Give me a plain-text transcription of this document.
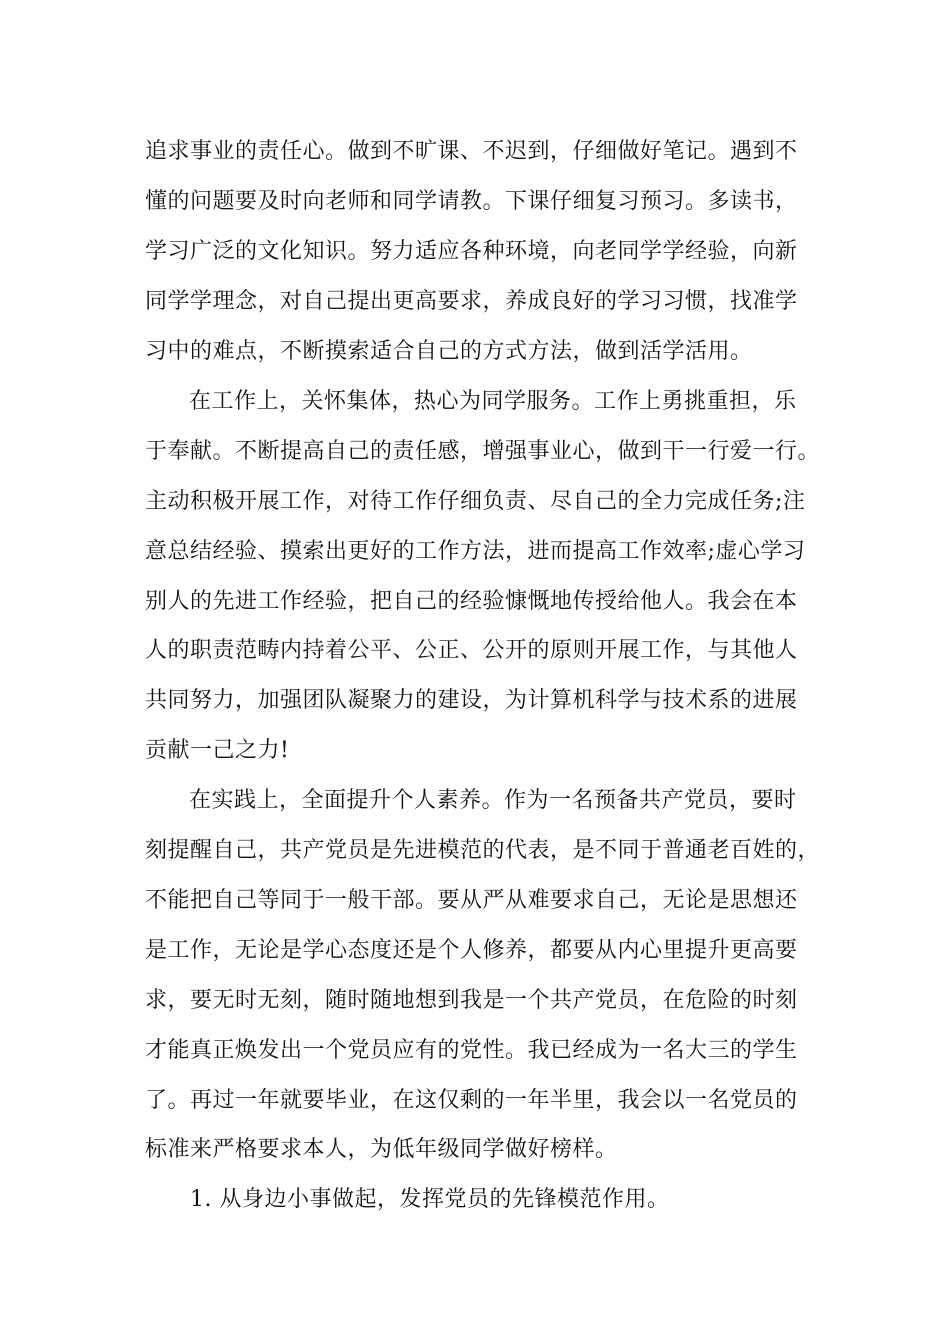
追求事业的责任心。做到不旷课、不迟到，仔细做好笔记。遇到不
懂的问题要及时向老师和同学请教。下课仔细复习预习。多读书，
学习广泛的文化知识。努力适应各种环境，向老同学学经验，向新
同学学理念，对自己提出更高要求，养成良好的学习习惯，找准学
习中的难点，不断摸索适合自己的方式方法，做到活学活用。
在工作上，关怀集体，热心为同学服务。工作上勇挑重担，乐
于奉献。不断提高自己的责任感，增强事业心，做到干一行爱一行。
主动积极开展工作，对待工作仔细负责、尽自己的全力完成任务;注
意总结经验、摸索出更好的工作方法，进而提高工作效率;虚心学习
别人的先进工作经验，把自己的经验慷慨地传授给他人。我会在本
人的职责范畴内持着公平、公正、公开的原则开展工作，与其他人
共同努力，加强团队凝聚力的建设，为计算机科学与技术系的进展
贡献一己之力!
在实践上，全面提升个人素养。作为一名预备共产党员，要时
刻提醒自己，共产党员是先进模范的代表，是不同于普通老百姓的，
不能把自己等同于一般干部。要从严从难要求自己，无论是思想还
是工作，无论是学心态度还是个人修养，都要从内心里提升更高要
求，要无时无刻，随时随地想到我是一个共产党员，在危险的时刻
才能真正焕发出一个党员应有的党性。我已经成为一名大三的学生
了。再过一年就要毕业，在这仅剩的一年半里，我会以一名党员的
标准来严格要求本人，为低年级同学做好榜样。
1. 从身边小事做起，发挥党员的先锋模范作用。
